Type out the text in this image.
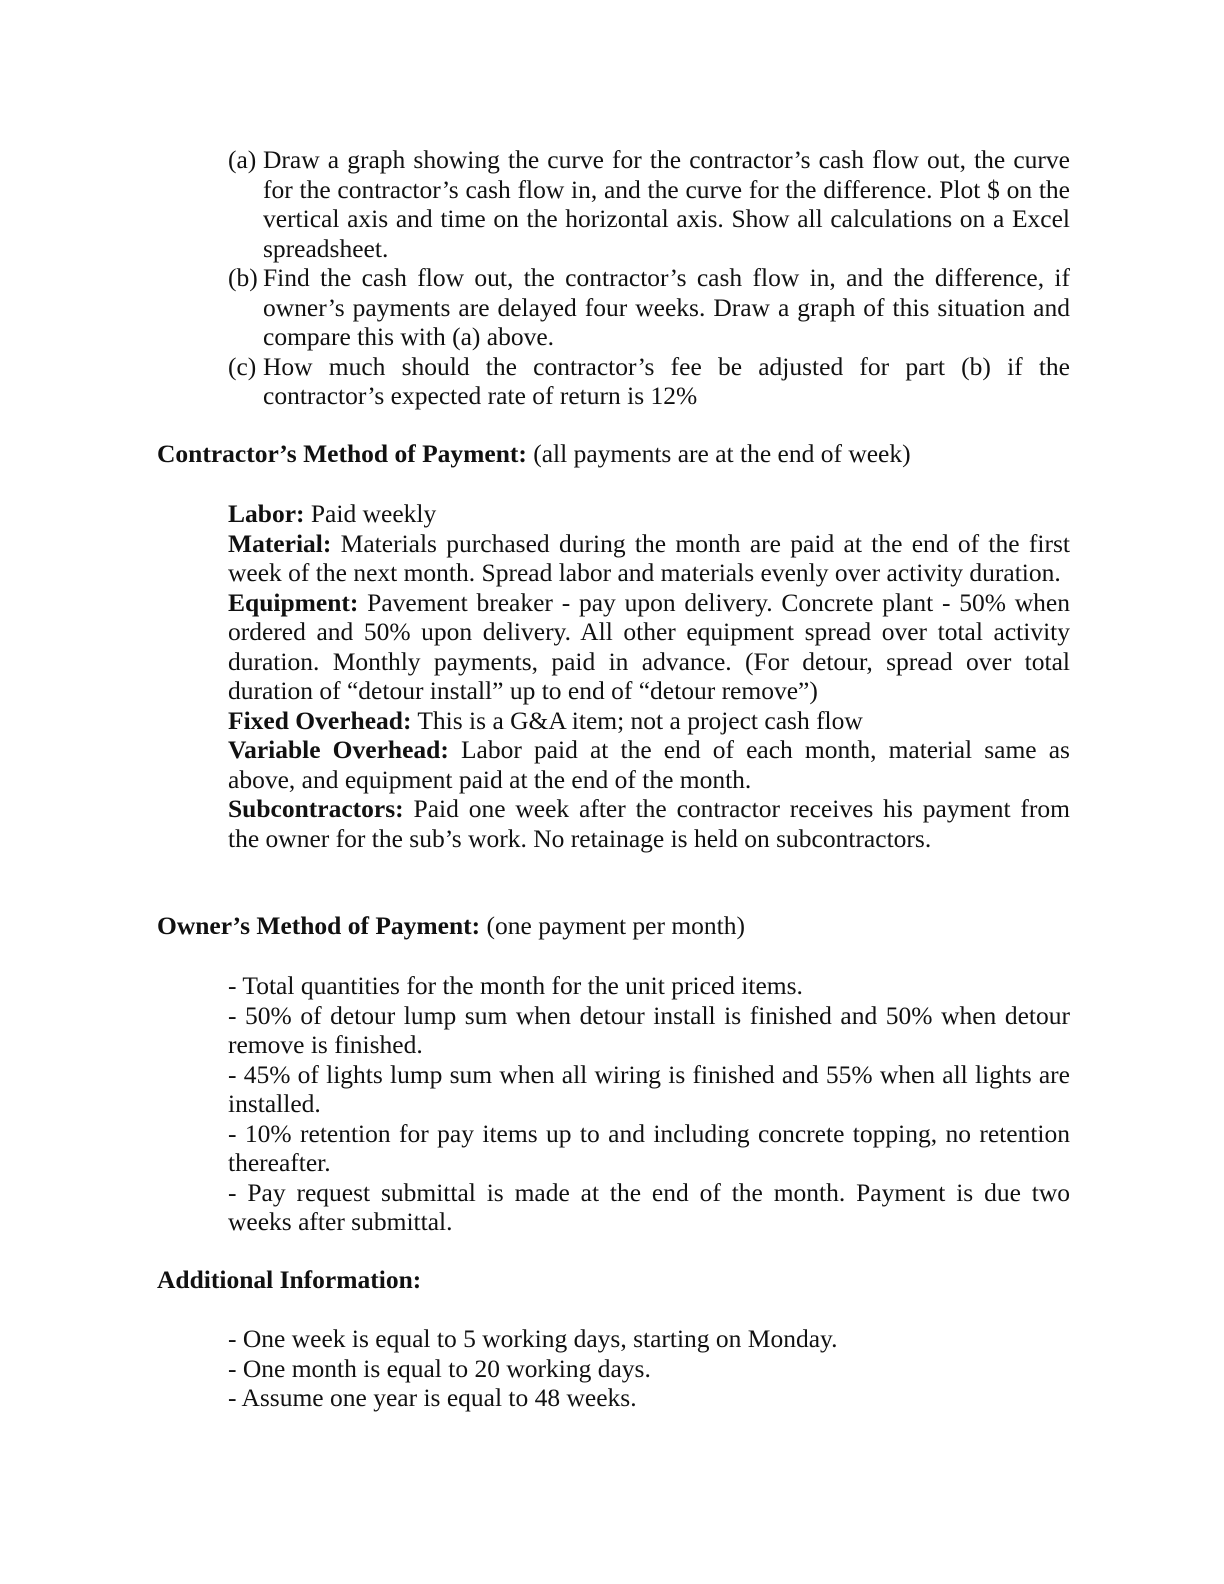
(a) Draw a graph showing the curve for the contractor’s cash flow out, the curve for the contractor’s cash flow in, and the curve for the difference. Plot $ on the vertical axis and time on the horizontal axis. Show all calculations on a Excel spreadsheet.
(b) Find the cash flow out, the contractor’s cash flow in, and the difference, if owner’s payments are delayed four weeks. Draw a graph of this situation and compare this with (a) above.
(c) How much should the contractor’s fee be adjusted for part (b) if the contractor’s expected rate of return is 12%
Contractor’s Method of Payment: (all payments are at the end of week)
Labor: Paid weekly
Material: Materials purchased during the month are paid at the end of the first week of the next month. Spread labor and materials evenly over activity duration.
Equipment: Pavement breaker - pay upon delivery. Concrete plant - 50% when ordered and 50% upon delivery. All other equipment spread over total activity duration. Monthly payments, paid in advance. (For detour, spread over total duration of “detour install” up to end of “detour remove”)
Fixed Overhead: This is a G&A item; not a project cash flow
Variable Overhead: Labor paid at the end of each month, material same as above, and equipment paid at the end of the month.
Subcontractors: Paid one week after the contractor receives his payment from the owner for the sub’s work. No retainage is held on subcontractors.
Owner’s Method of Payment: (one payment per month)
- Total quantities for the month for the unit priced items.
- 50% of detour lump sum when detour install is finished and 50% when detour remove is finished.
- 45% of lights lump sum when all wiring is finished and 55% when all lights are installed.
- 10% retention for pay items up to and including concrete topping, no retention thereafter.
- Pay request submittal is made at the end of the month. Payment is due two weeks after submittal.
Additional Information:
- One week is equal to 5 working days, starting on Monday.
- One month is equal to 20 working days.
- Assume one year is equal to 48 weeks.
